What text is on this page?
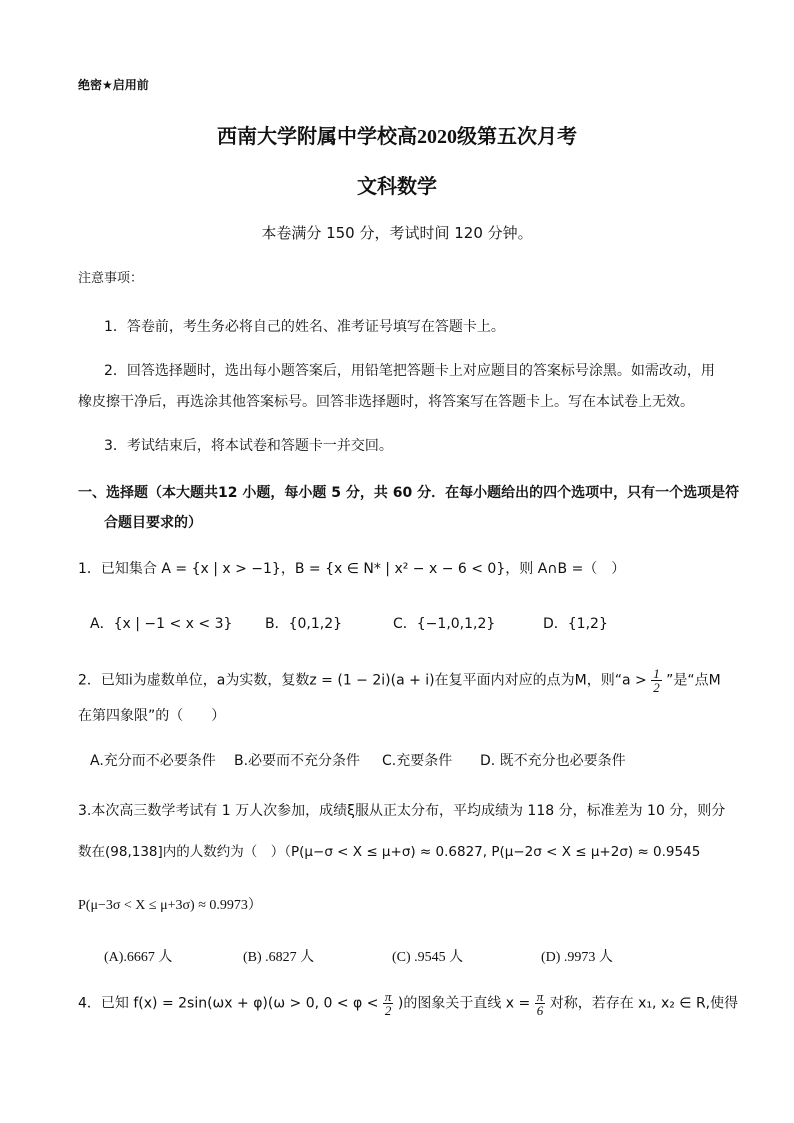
绝密★启用前
西南大学附属中学校高2020级第五次月考
文科数学
本卷满分 150 分，考试时间 120 分钟。
注意事项：
1．答卷前，考生务必将自己的姓名、准考证号填写在答题卡上。
2．回答选择题时，选出每小题答案后，用铅笔把答题卡上对应题目的答案标号涂黑。如需改动，用
橡皮擦干净后，再选涂其他答案标号。回答非选择题时，将答案写在答题卡上。写在本试卷上无效。
3．考试结束后，将本试卷和答题卡一并交回。
一、选择题（本大题共12 小题，每小题 5 分，共 60 分．在每小题给出的四个选项中，只有一个选项是符
合题目要求的）
1．已知集合 A = {x | x > −1}，B = {x ∈ N* | x² − x − 6 < 0}，则 A∩B =（　）
A．{x | −1 < x < 3} B．{0,1,2}	C．{−1,0,1,2}	D．{1,2}
2．已知i为虚数单位，a为实数，复数z = (1 − 2i)(a + i)在复平面内对应的点为M，则“$a > \frac{1}{2}$ ”是“点M
在第四象限”的（　　）
A.充分而不必要条件 B.必要而不充分条件 C.充要条件 D. 既不充分也必要条件
3.本次高三数学考试有 1 万人次参加，成绩ξ服从正太分布，平均成绩为 118 分，标准差为 10 分，则分
数在(98,138]内的人数约为（　）（P(μ−σ < X ≤ μ+σ) ≈ 0.6827, P(μ−2σ < X ≤ μ+2σ) ≈ 0.9545
P(μ−3σ < X ≤ μ+3σ) ≈ 0.9973）
(A).6667 人	(B) .6827 人	(C) .9545 人	(D) .9973 人
4．已知 f(x) = 2sin(ωx + φ)(ω > 0, $0 < \varphi < \frac{\pi}{2}$ )的图象关于直线 $x = \frac{\pi}{6}$ 对称，若存在 x₁, x₂ ∈ R,使得
